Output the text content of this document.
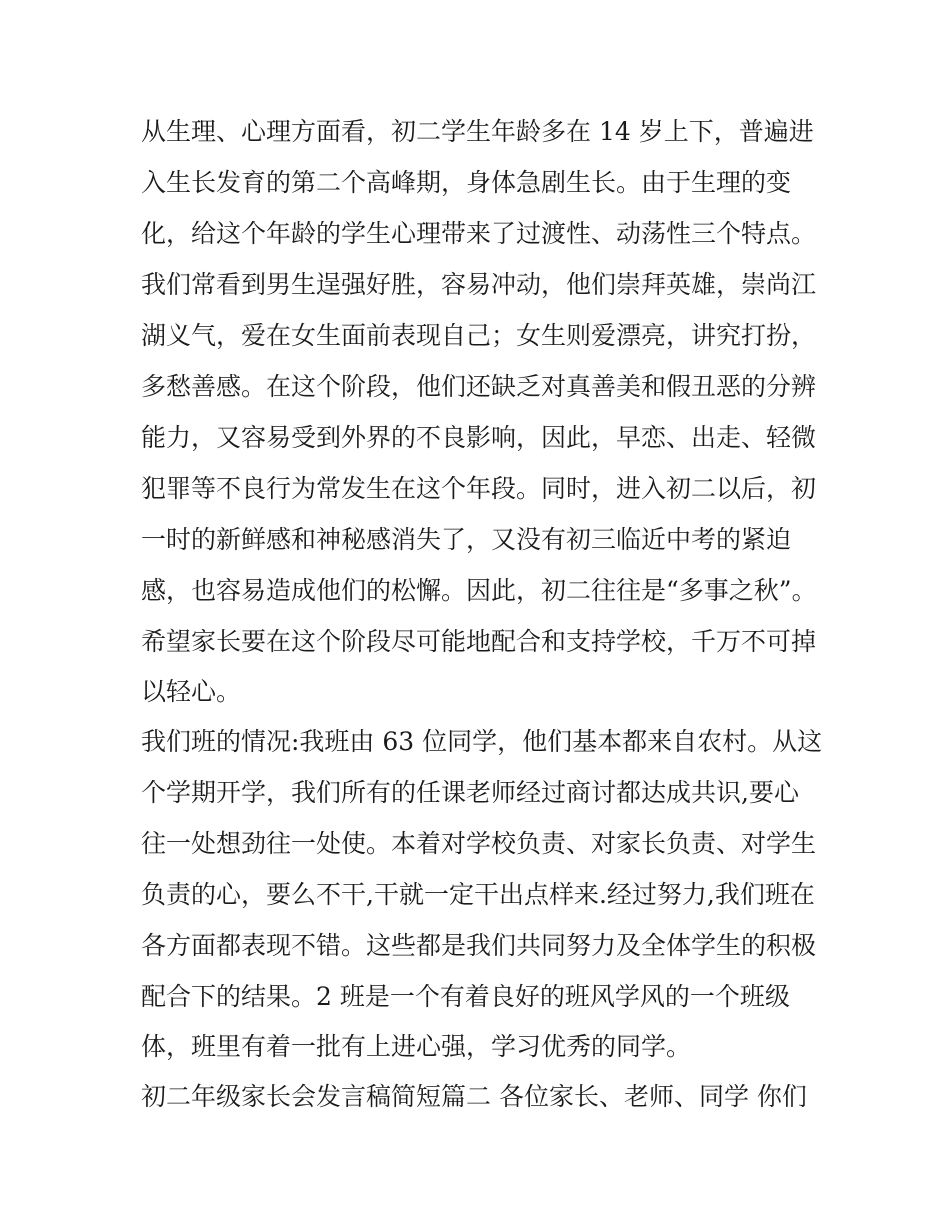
从生理、心理方面看，初二学生年龄多在 14 岁上下，普遍进
入生长发育的第二个高峰期，身体急剧生长。由于生理的变
化，给这个年龄的学生心理带来了过渡性、动荡性三个特点。
我们常看到男生逞强好胜，容易冲动，他们崇拜英雄，崇尚江
湖义气，爱在女生面前表现自己；女生则爱漂亮，讲究打扮，
多愁善感。在这个阶段，他们还缺乏对真善美和假丑恶的分辨
能力，又容易受到外界的不良影响，因此，早恋、出走、轻微
犯罪等不良行为常发生在这个年段。同时，进入初二以后，初
一时的新鲜感和神秘感消失了，又没有初三临近中考的紧迫
感，也容易造成他们的松懈。因此，初二往往是“多事之秋”。
希望家长要在这个阶段尽可能地配合和支持学校，千万不可掉
以轻心。
我们班的情况:我班由 63 位同学，他们基本都来自农村。从这
个学期开学，我们所有的任课老师经过商讨都达成共识,要心
往一处想劲往一处使。本着对学校负责、对家长负责、对学生
负责的心，要么不干,干就一定干出点样来.经过努力,我们班在
各方面都表现不错。这些都是我们共同努力及全体学生的积极
配合下的结果。2 班是一个有着良好的班风学风的一个班级
体，班里有着一批有上进心强，学习优秀的同学。
初二年级家长会发言稿简短篇二 各位家长、老师、同学 你们
